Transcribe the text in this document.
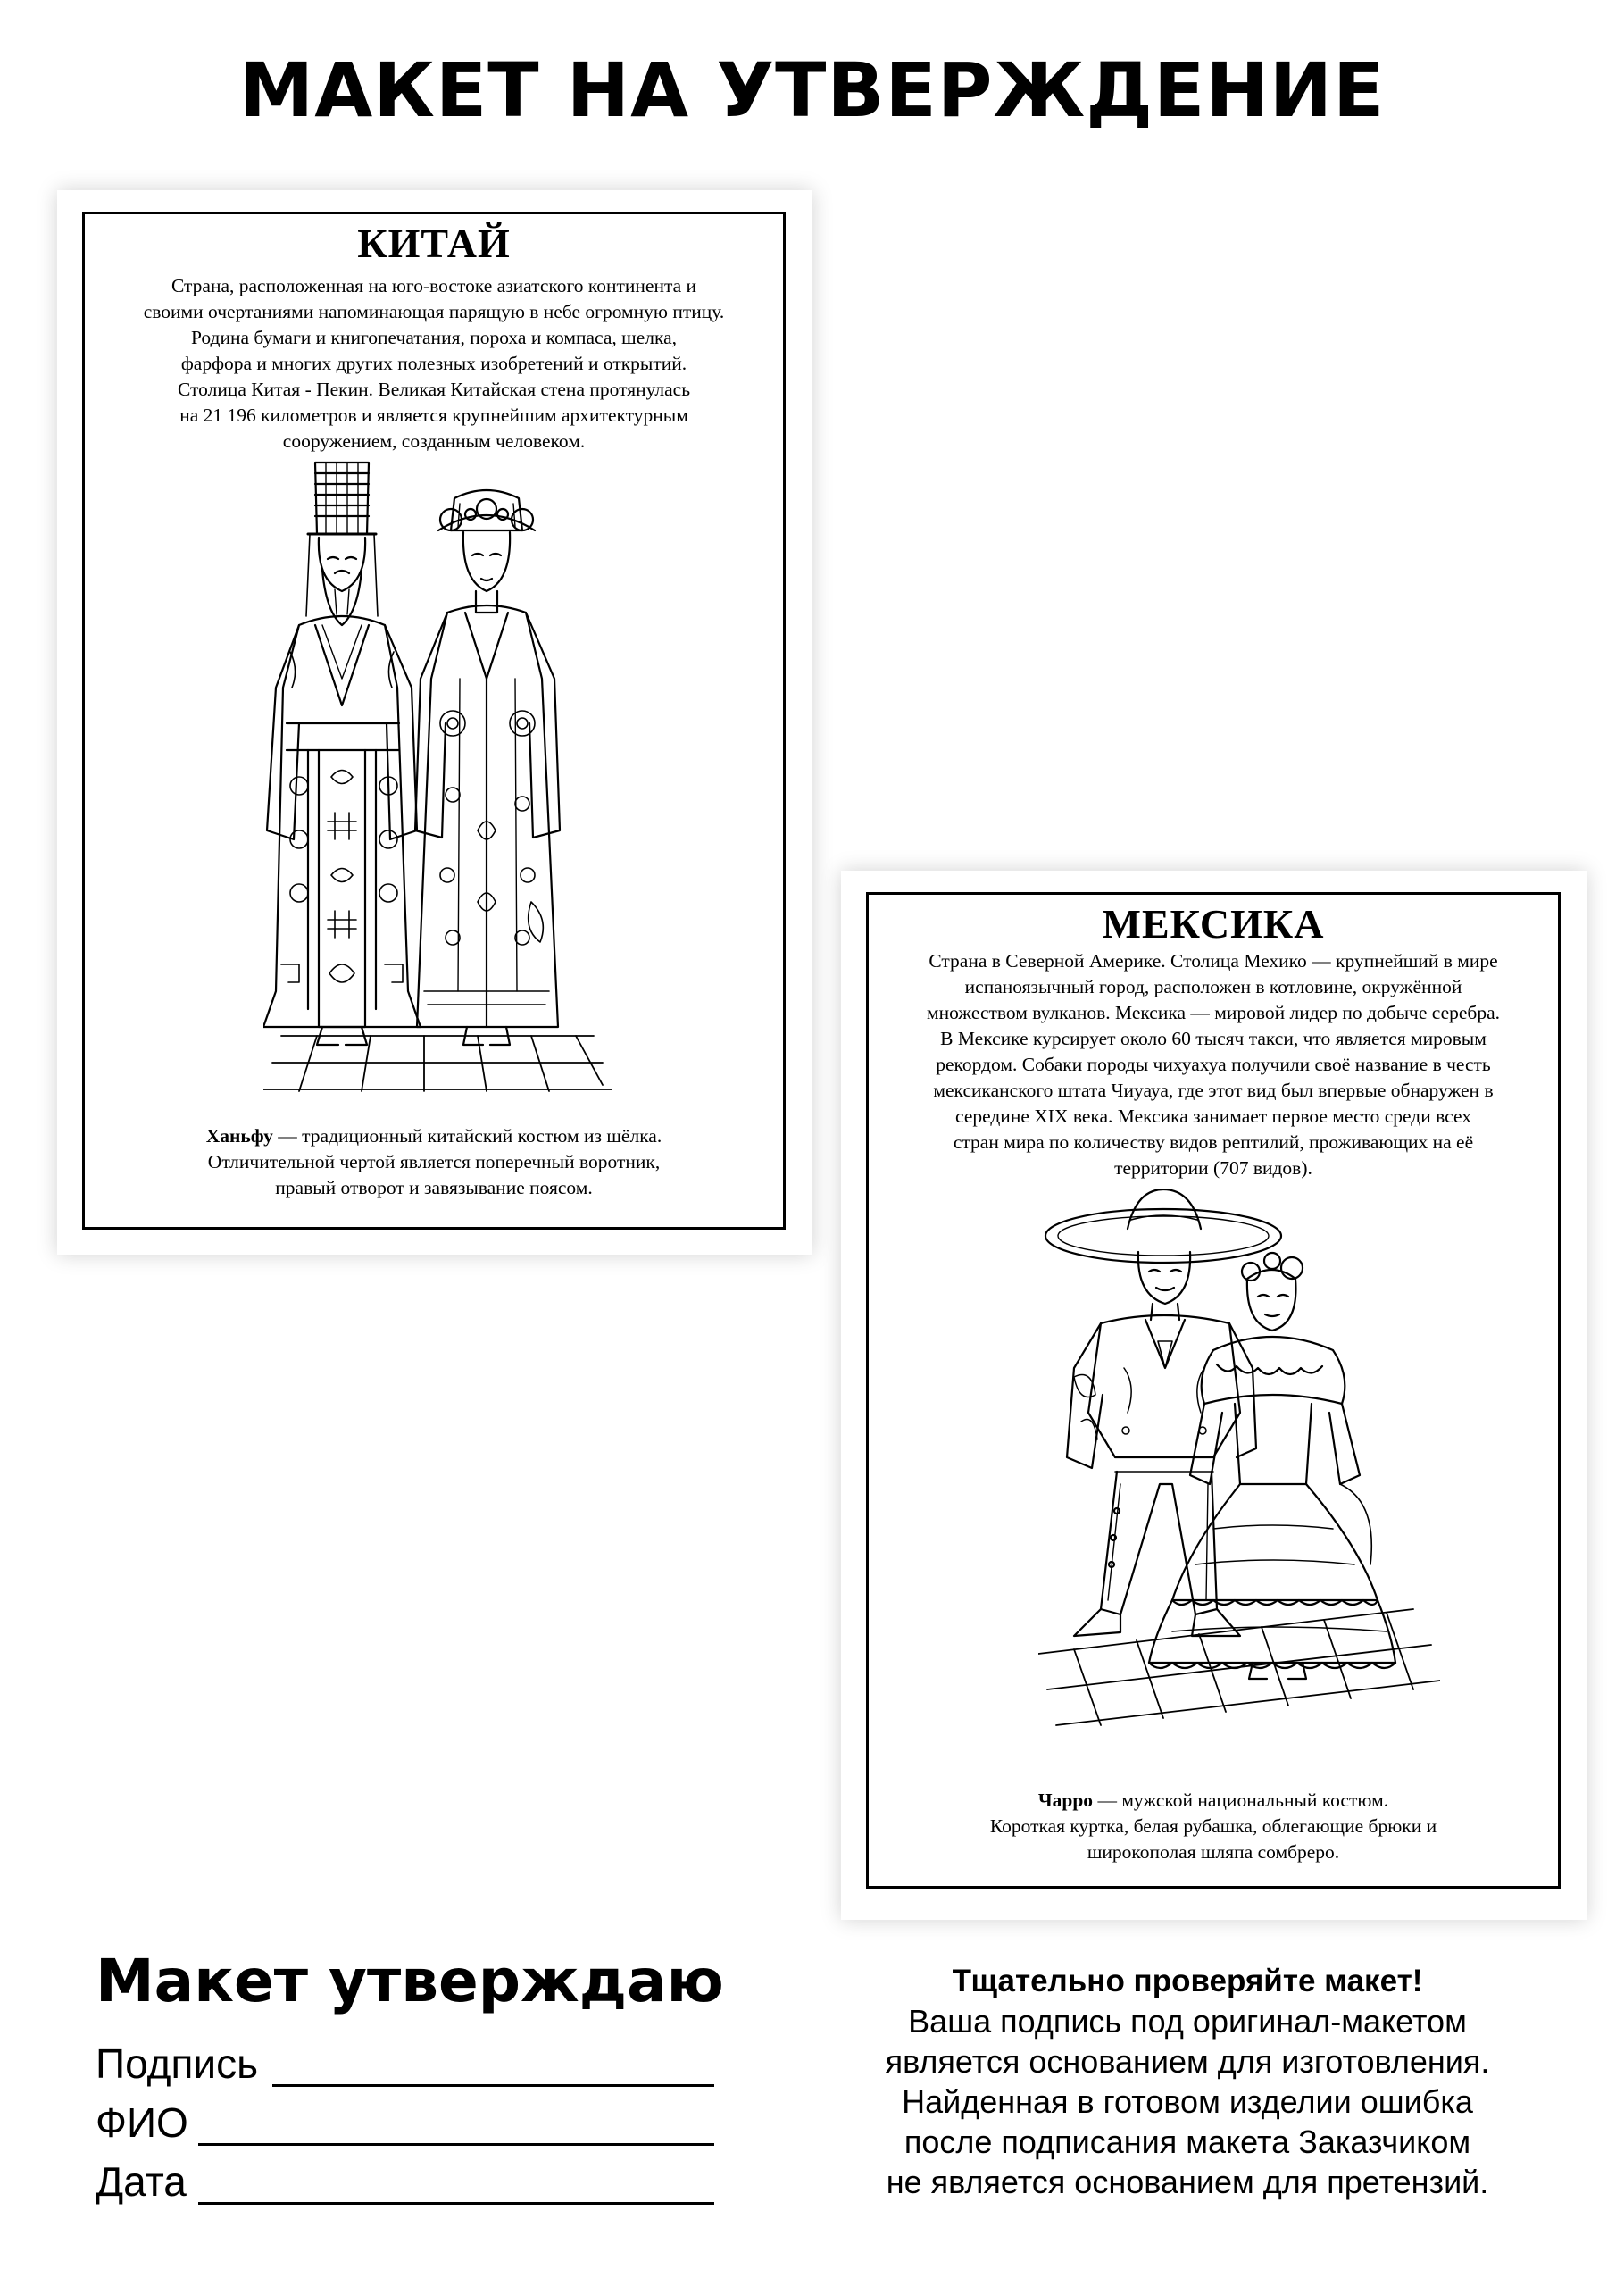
МАКЕТ НА УТВЕРЖДЕНИЕ
КИТАЙ
Страна, расположенная на юго-востоке азиатского континента и
своими очертаниями напоминающая парящую в небе огромную птицу.
Родина бумаги и книгопечатания, пороха и компаса, шелка,
фарфора и многих других полезных изобретений и открытий.
Столица Китая - Пекин. Великая Китайская стена протянулась
на 21 196 километров и является крупнейшим архитектурным
сооружением, созданным человеком.
Ханьфу — традиционный китайский костюм из шёлка.
Отличительной чертой является поперечный воротник,
правый отворот и завязывание поясом.
МЕКСИКА
Страна в Северной Америке. Столица Мехико — крупнейший в мире
испаноязычный город, расположен в котловине, окружённой
множеством вулканов. Мексика — мировой лидер по добыче серебра.
В Мексике курсирует около 60 тысяч такси, что является мировым
рекордом. Собаки породы чихуахуа получили своё название в честь
мексиканского штата Чиуауа, где этот вид был впервые обнаружен в
середине XIX века. Мексика занимает первое место среди всех
стран мира по количеству видов рептилий, проживающих на её
территории (707 видов).
Чарро — мужской национальный костюм.
Короткая куртка, белая рубашка, облегающие брюки и
широкополая шляпа сомбреро.
Макет утверждаю
Подпись
ФИО
Дата
Тщательно проверяйте макет!
Ваша подпись под оригинал-макетом
является основанием для изготовления.
Найденная в готовом изделии ошибка
после подписания макета Заказчиком
не является основанием для претензий.
